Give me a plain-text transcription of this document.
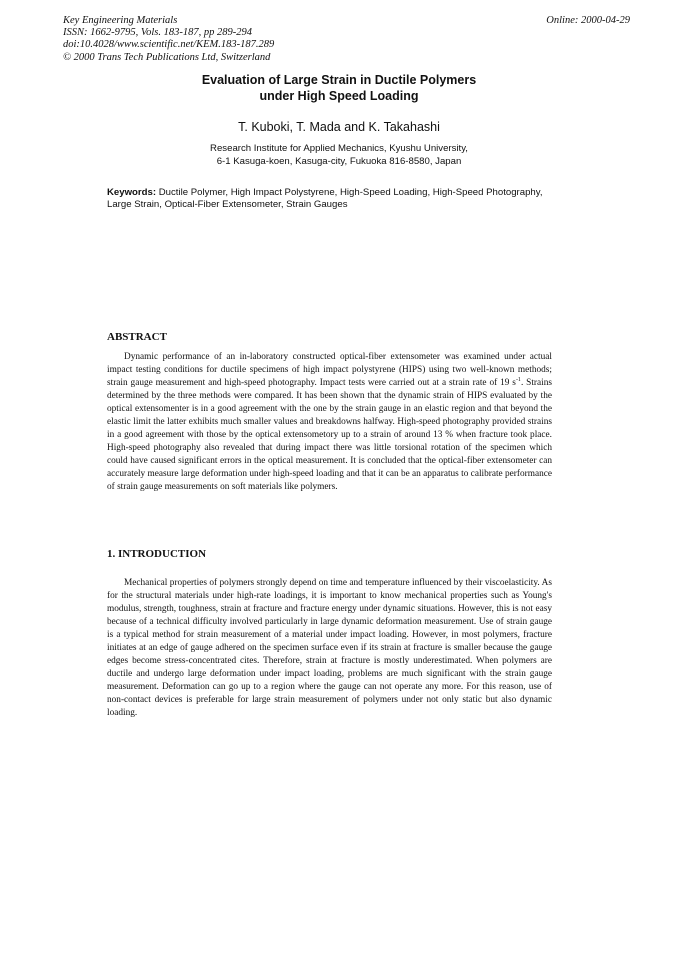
Key Engineering Materials
ISSN: 1662-9795, Vols. 183-187, pp 289-294
doi:10.4028/www.scientific.net/KEM.183-187.289
© 2000 Trans Tech Publications Ltd, Switzerland
Online: 2000-04-29
Evaluation of Large Strain in Ductile Polymers
under High Speed Loading
T. Kuboki, T. Mada and K. Takahashi
Research Institute for Applied Mechanics, Kyushu University,
6-1 Kasuga-koen, Kasuga-city, Fukuoka 816-8580, Japan
Keywords: Ductile Polymer, High Impact Polystyrene, High-Speed Loading, High-Speed Photography, Large Strain, Optical-Fiber Extensometer, Strain Gauges
ABSTRACT

Dynamic performance of an in-laboratory constructed optical-fiber extensometer was examined under actual impact testing conditions for ductile specimens of high impact polystyrene (HIPS) using two well-known methods; strain gauge measurement and high-speed photography. Impact tests were carried out at a strain rate of 19 $s^{-1}$. Strains determined by the three methods were compared. It has been shown that the dynamic strain of HIPS evaluated by the optical extensomenter is in a good agreement with the one by the strain gauge in an elastic region and that beyond the elastic limit the latter exhibits much smaller values and breakdowns halfway. High-speed photography provided strains in a good agreement with those by the optical extensometory up to a strain of around 13 % when fracture took place. High-speed photography also revealed that during impact there was little torsional rotation of the specimen which could have caused significant errors in the optical measurement. It is concluded that the optical-fiber extensometer can accurately measure large deformation under high-speed loading and that it can be an apparatus to calibrate performance of strain gauge measurements on soft materials like polymers.

1. INTRODUCTION

Mechanical properties of polymers strongly depend on time and temperature influenced by their viscoelasticity. As for the structural materials under high-rate loadings, it is important to know mechanical properties such as Young's modulus, strength, toughness, strain at fracture and fracture energy under dynamic situations. However, this is not easy because of a technical difficulty involved particularly in large dynamic deformation measurement. Use of strain gauge is a typical method for strain measurement of a material under impact loading. However, in most polymers, fracture initiates at an edge of gauge adhered on the specimen surface even if its strain at fracture is smaller because the gauge edges become stress-concentrated cites. Therefore, strain at fracture is mostly underestimated. When polymers are ductile and undergo large deformation under impact loading, problems are much significant with the strain gauge measurement. Deformation can go up to a region where the gauge can not operate any more. For this reason, use of non-contact devices is preferable for large strain measurement of polymers under not only static but also dynamic loading.
